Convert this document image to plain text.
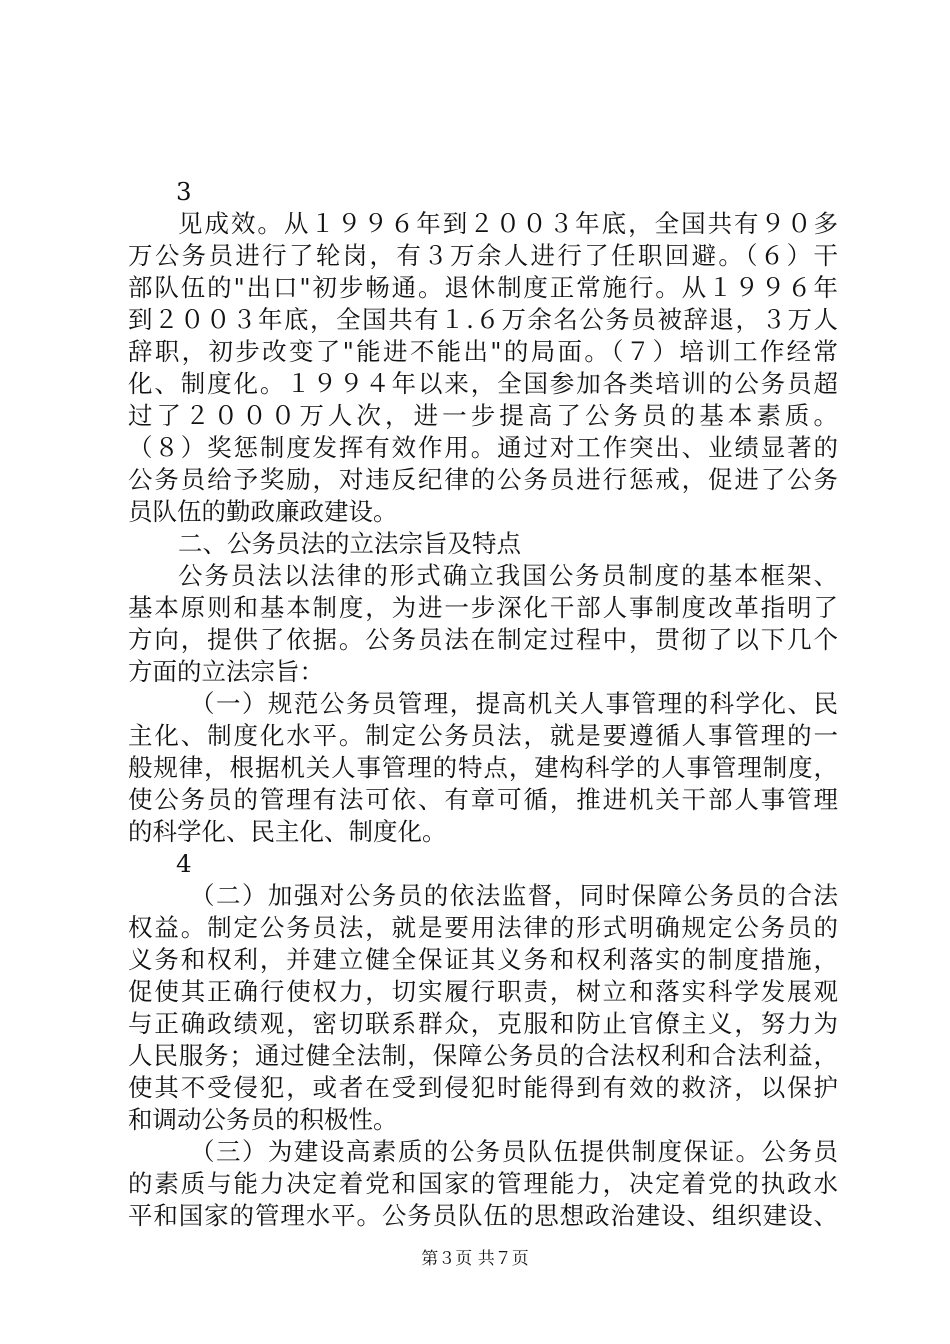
3
见成效。从１９９６年到２００３年底，全国共有９０多
万公务员进行了轮岗，有３万余人进行了任职回避。（６）干
部队伍的"出口"初步畅通。退休制度正常施行。从１９９６年
到２００３年底，全国共有１.６万余名公务员被辞退，３万人
辞职，初步改变了"能进不能出"的局面。（７）培训工作经常
化、制度化。１９９４年以来，全国参加各类培训的公务员超
过了２０００万人次，进一步提高了公务员的基本素质。
（８）奖惩制度发挥有效作用。通过对工作突出、业绩显著的
公务员给予奖励，对违反纪律的公务员进行惩戒，促进了公务
员队伍的勤政廉政建设。
二、公务员法的立法宗旨及特点
公务员法以法律的形式确立我国公务员制度的基本框架、
基本原则和基本制度，为进一步深化干部人事制度改革指明了
方向，提供了依据。公务员法在制定过程中，贯彻了以下几个
方面的立法宗旨：
（一）规范公务员管理，提高机关人事管理的科学化、民
主化、制度化水平。制定公务员法，就是要遵循人事管理的一
般规律，根据机关人事管理的特点，建构科学的人事管理制度，
使公务员的管理有法可依、有章可循，推进机关干部人事管理
的科学化、民主化、制度化。
4
（二）加强对公务员的依法监督，同时保障公务员的合法
权益。制定公务员法，就是要用法律的形式明确规定公务员的
义务和权利，并建立健全保证其义务和权利落实的制度措施，
促使其正确行使权力，切实履行职责，树立和落实科学发展观
与正确政绩观，密切联系群众，克服和防止官僚主义，努力为
人民服务；通过健全法制，保障公务员的合法权利和合法利益，
使其不受侵犯，或者在受到侵犯时能得到有效的救济，以保护
和调动公务员的积极性。
（三）为建设高素质的公务员队伍提供制度保证。公务员
的素质与能力决定着党和国家的管理能力，决定着党的执政水
平和国家的管理水平。公务员队伍的思想政治建设、组织建设、
第３页 共７页
